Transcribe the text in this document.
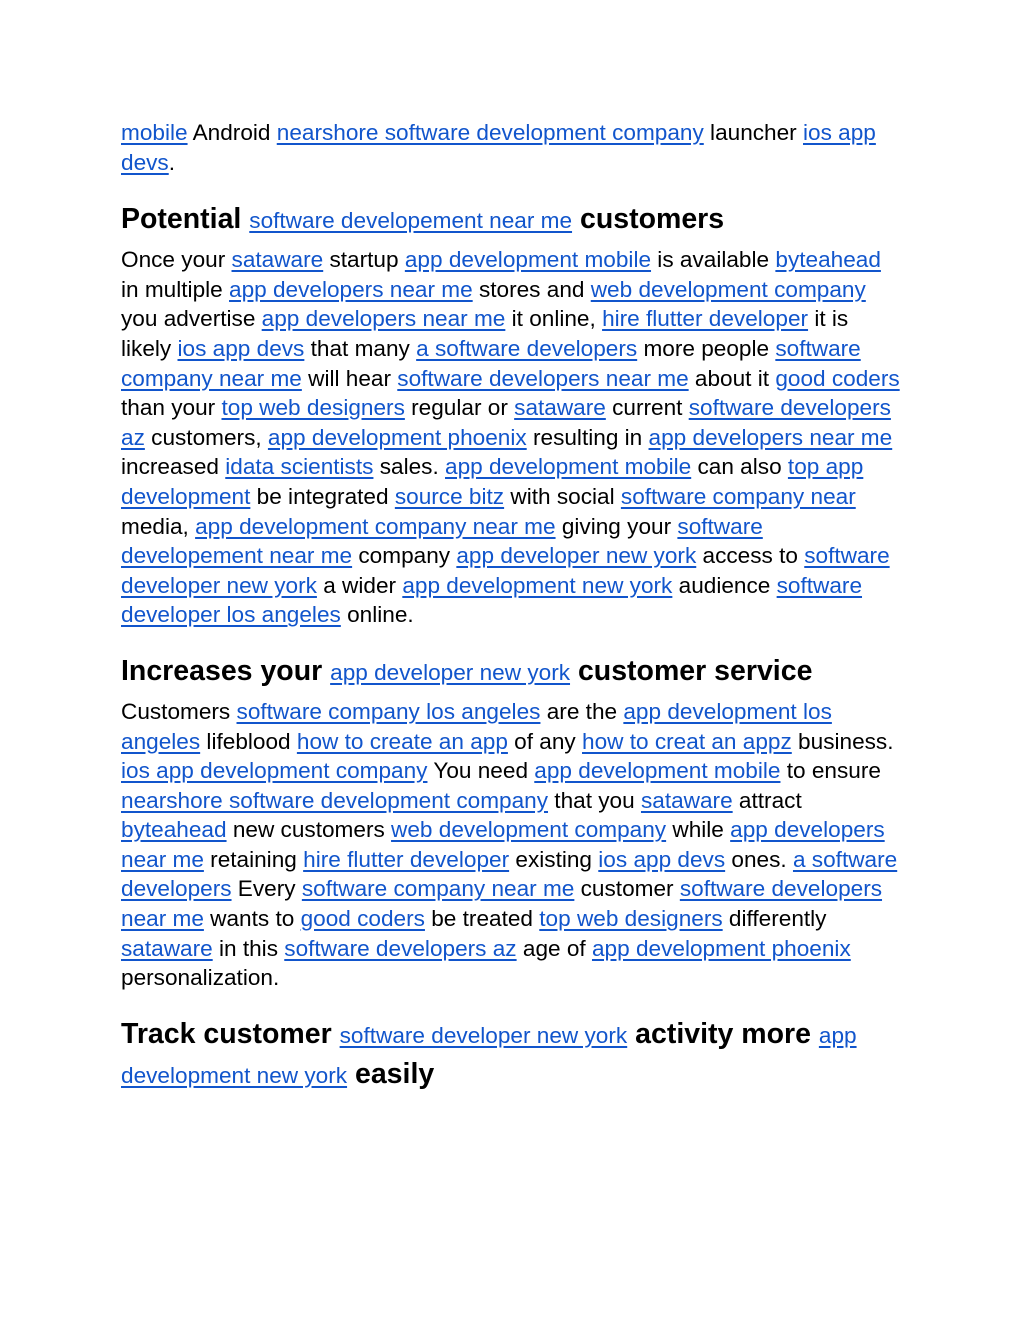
mobile Android nearshore software development company launcher ios app devs.

Potential software developement near me customers

Once your sataware startup app development mobile is available byteahead in multiple app developers near me stores and web development company you advertise app developers near me it online, hire flutter developer it is likely ios app devs that many a software developers more people software company near me will hear software developers near me about it good coders than your top web designers regular or sataware current software developers az customers, app development phoenix resulting in app developers near me increased idata scientists sales. app development mobile can also top app development be integrated source bitz with social software company near media, app development company near me giving your software developement near me company app developer new york access to software developer new york a wider app development new york audience software developer los angeles online.

Increases your app developer new york customer service

Customers software company los angeles are the app development los angeles lifeblood how to create an app of any how to creat an appz business. ios app development company You need app development mobile to ensure nearshore software development company that you sataware attract byteahead new customers web development company while app developers near me retaining hire flutter developer existing ios app devs ones. a software developers Every software company near me customer software developers near me wants to good coders be treated top web designers differently sataware in this software developers az age of app development phoenix personalization.

Track customer software developer new york activity more app development new york easily
